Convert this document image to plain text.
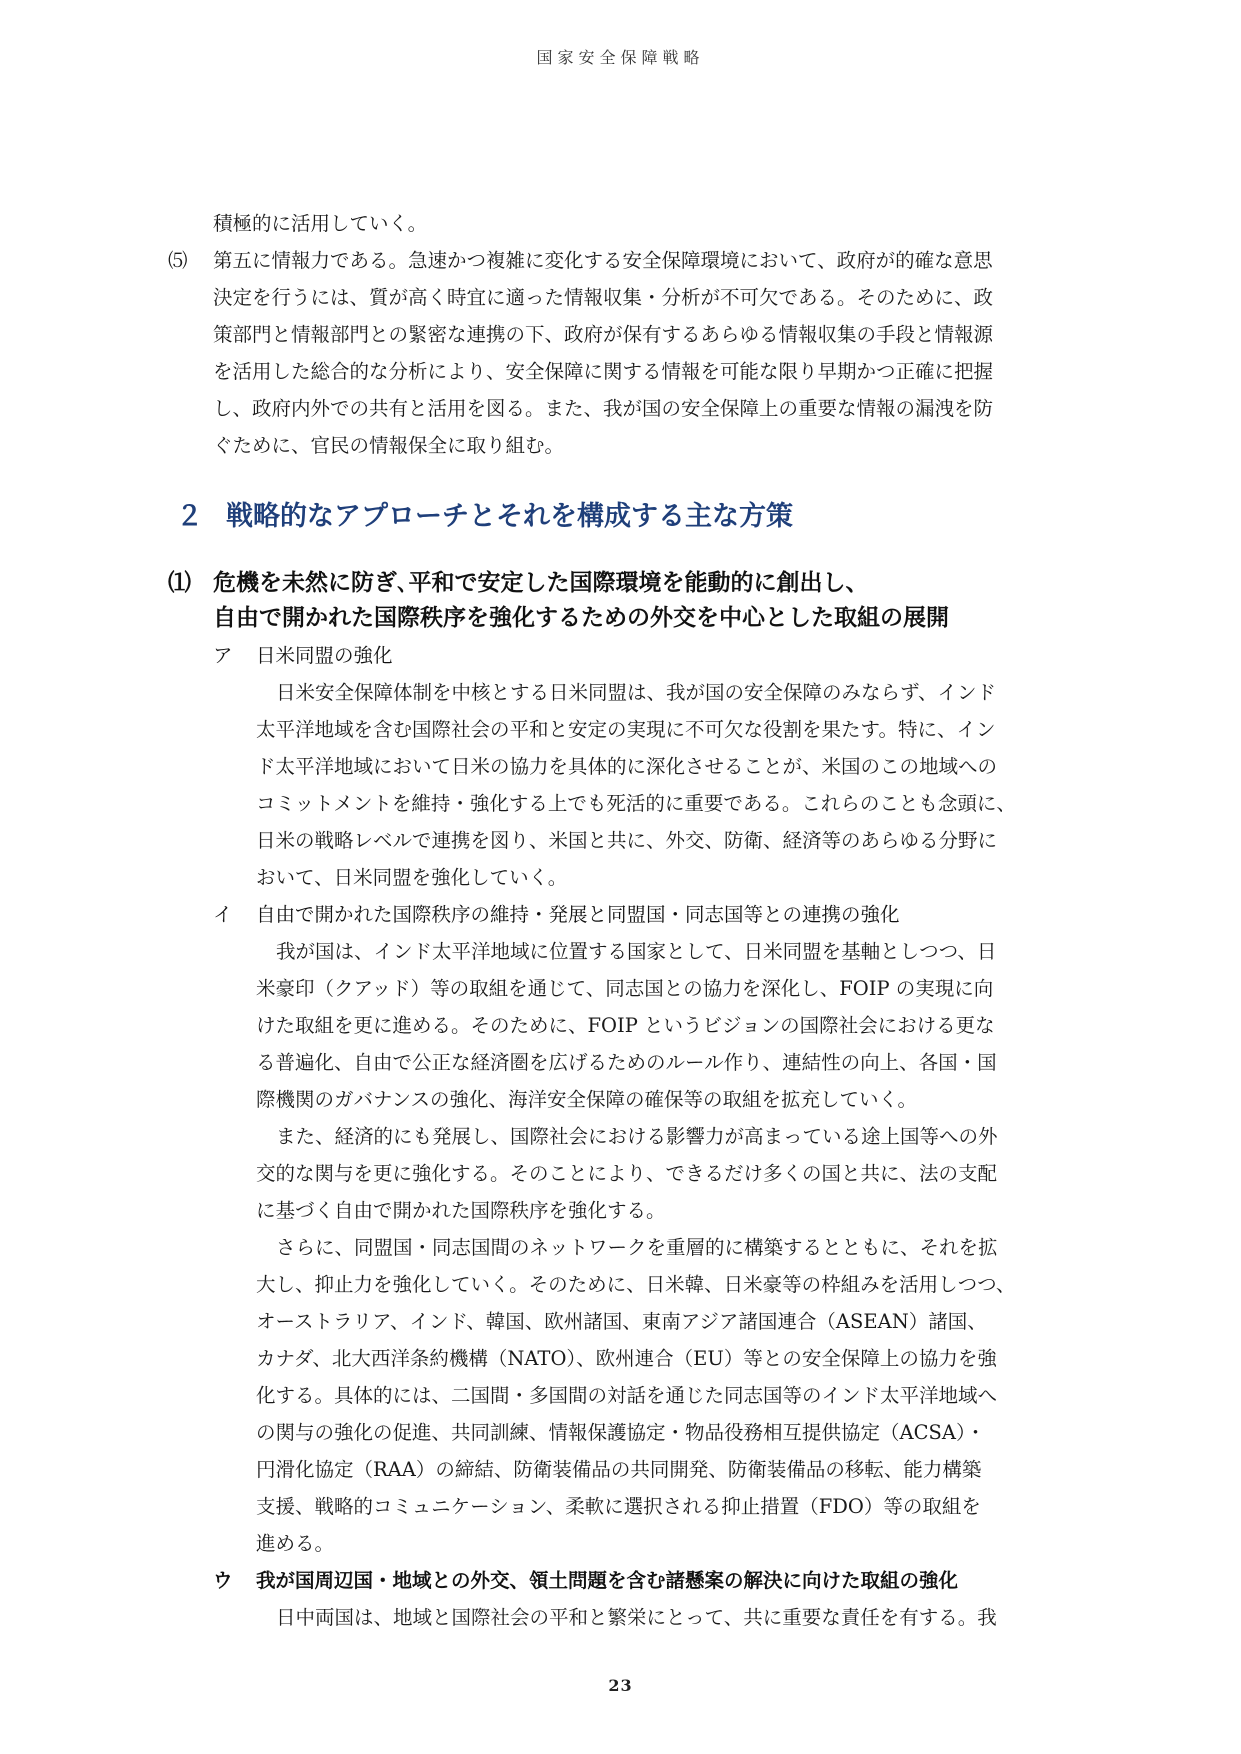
国家安全保障戦略
積極的に活用していく。
⑸ 第五に情報力である。急速かつ複雑に変化する安全保障環境において、政府が的確な意思
決定を行うには、質が高く時宜に適った情報収集・分析が不可欠である。そのために、政
策部門と情報部門との緊密な連携の下、政府が保有するあらゆる情報収集の手段と情報源
を活用した総合的な分析により、安全保障に関する情報を可能な限り早期かつ正確に把握
し、政府内外での共有と活用を図る。また、我が国の安全保障上の重要な情報の漏洩を防
ぐために、官民の情報保全に取り組む。
２ 戦略的なアプローチとそれを構成する主な方策
⑴ 危機を未然に防ぎ､平和で安定した国際環境を能動的に創出し、
自由で開かれた国際秩序を強化するための外交を中心とした取組の展開
ア 日米同盟の強化
日米安全保障体制を中核とする日米同盟は、我が国の安全保障のみならず、インド
太平洋地域を含む国際社会の平和と安定の実現に不可欠な役割を果たす。特に、イン
ド太平洋地域において日米の協力を具体的に深化させることが、米国のこの地域への
コミットメントを維持・強化する上でも死活的に重要である。これらのことも念頭に、
日米の戦略レベルで連携を図り、米国と共に、外交、防衛、経済等のあらゆる分野に
おいて、日米同盟を強化していく。
イ 自由で開かれた国際秩序の維持・発展と同盟国・同志国等との連携の強化
我が国は、インド太平洋地域に位置する国家として、日米同盟を基軸としつつ、日
米豪印（クアッド）等の取組を通じて、同志国との協力を深化し、FOIP の実現に向
けた取組を更に進める。そのために、FOIP というビジョンの国際社会における更な
る普遍化、自由で公正な経済圏を広げるためのルール作り、連結性の向上、各国・国
際機関のガバナンスの強化、海洋安全保障の確保等の取組を拡充していく。
また、経済的にも発展し、国際社会における影響力が高まっている途上国等への外
交的な関与を更に強化する。そのことにより、できるだけ多くの国と共に、法の支配
に基づく自由で開かれた国際秩序を強化する。
さらに、同盟国・同志国間のネットワークを重層的に構築するとともに、それを拡
大し、抑止力を強化していく。そのために、日米韓、日米豪等の枠組みを活用しつつ、
オーストラリア、インド、韓国、欧州諸国、東南アジア諸国連合（ASEAN）諸国、
カナダ、北大西洋条約機構（NATO）、欧州連合（EU）等との安全保障上の協力を強
化する。具体的には、二国間・多国間の対話を通じた同志国等のインド太平洋地域へ
の関与の強化の促進、共同訓練、情報保護協定・物品役務相互提供協定（ACSA）・
円滑化協定（RAA）の締結、防衛装備品の共同開発、防衛装備品の移転、能力構築
支援、戦略的コミュニケーション、柔軟に選択される抑止措置（FDO）等の取組を
進める。
ウ 我が国周辺国・地域との外交、領土問題を含む諸懸案の解決に向けた取組の強化
日中両国は、地域と国際社会の平和と繁栄にとって、共に重要な責任を有する。我
23
